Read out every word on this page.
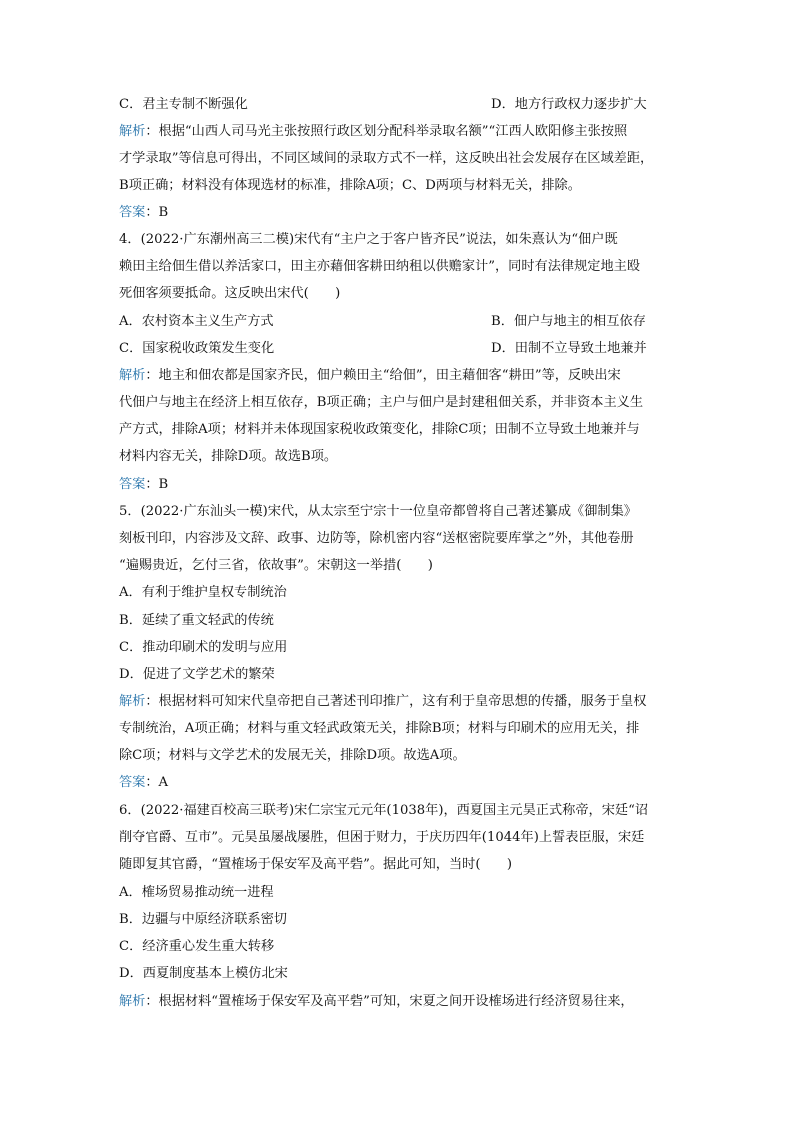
C．君主专制不断强化	D．地方行政权力逐步扩大
解析：根据“山西人司马光主张按照行政区划分配科举录取名额”“江西人欧阳修主张按照
才学录取”等信息可得出，不同区域间的录取方式不一样，这反映出社会发展存在区域差距，
B项正确；材料没有体现选材的标准，排除A项；C、D两项与材料无关，排除。
答案：B
4．(2022·广东潮州高三二模)宋代有“主户之于客户皆齐民”说法，如朱熹认为“佃户既
赖田主给佃生借以养活家口，田主亦藉佃客耕田纳租以供赡家计”，同时有法律规定地主殴
死佃客须要抵命。这反映出宋代(　　)
A．农村资本主义生产方式	B．佃户与地主的相互依存
C．国家税收政策发生变化	D．田制不立导致土地兼并
解析：地主和佃农都是国家齐民，佃户赖田主“给佃”，田主藉佃客“耕田”等，反映出宋
代佃户与地主在经济上相互依存，B项正确；主户与佃户是封建租佃关系，并非资本主义生
产方式，排除A项；材料并未体现国家税收政策变化，排除C项；田制不立导致土地兼并与
材料内容无关，排除D项。故选B项。
答案：B
5．(2022·广东汕头一模)宋代，从太宗至宁宗十一位皇帝都曾将自己著述纂成《御制集》
刻板刊印，内容涉及文辞、政事、边防等，除机密内容“送枢密院要库掌之”外，其他卷册
“遍赐贵近，乞付三省，依故事”。宋朝这一举措(　　)
A．有利于维护皇权专制统治
B．延续了重文轻武的传统
C．推动印刷术的发明与应用
D．促进了文学艺术的繁荣
解析：根据材料可知宋代皇帝把自己著述刊印推广，这有利于皇帝思想的传播，服务于皇权
专制统治，A项正确；材料与重文轻武政策无关，排除B项；材料与印刷术的应用无关，排
除C项；材料与文学艺术的发展无关，排除D项。故选A项。
答案：A
6．(2022·福建百校高三联考)宋仁宗宝元元年(1038年)，西夏国主元昊正式称帝，宋廷“诏
削夺官爵、互市”。元昊虽屡战屡胜，但困于财力，于庆历四年(1044年)上誓表臣服，宋廷
随即复其官爵，“置榷场于保安军及高平砦”。据此可知，当时(　　)
A．榷场贸易推动统一进程
B．边疆与中原经济联系密切
C．经济重心发生重大转移
D．西夏制度基本上模仿北宋
解析：根据材料“置榷场于保安军及高平砦”可知，宋夏之间开设榷场进行经济贸易往来，
